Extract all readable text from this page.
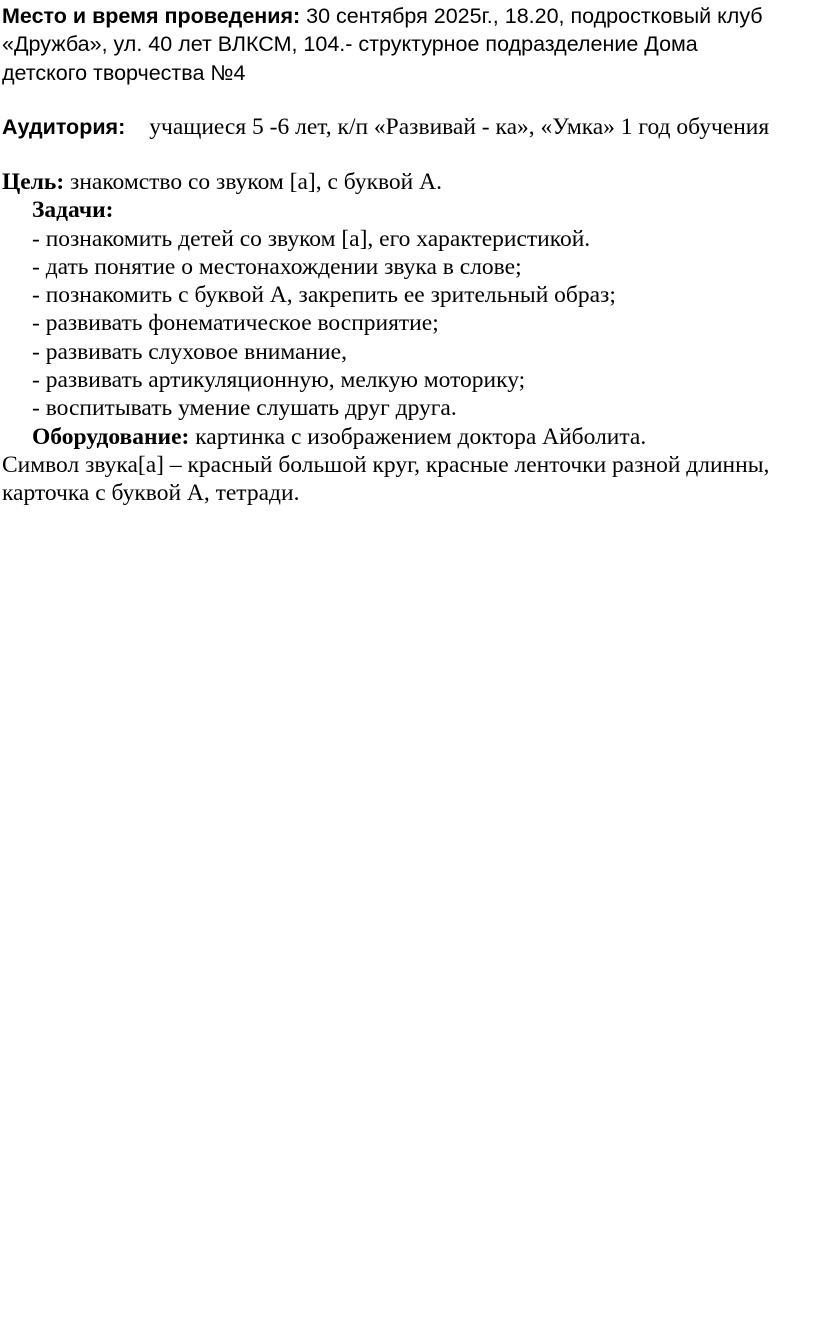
Место и время проведения: 30 сентября 2025г., 18.20, подростковый клуб
«Дружба», ул. 40 лет ВЛКСМ, 104.- структурное подразделение Дома
детского творчества №4
Аудитория: учащиеся 5 -6 лет, к/п «Развивай - ка», «Умка» 1 год обучения
Цель: знакомство со звуком [а], с буквой А.
Задачи:
- познакомить детей со звуком [а], его характеристикой.
- дать понятие о местонахождении звука в слове;
- познакомить с буквой А, закрепить ее зрительный образ;
- развивать фонематическое восприятие;
- развивать слуховое внимание,
- развивать артикуляционную, мелкую моторику;
- воспитывать умение слушать друг друга.
Оборудование: картинка с изображением доктора Айболита.
Символ звука[а] – красный большой круг, красные ленточки разной длинны,
карточка с буквой А, тетради.
